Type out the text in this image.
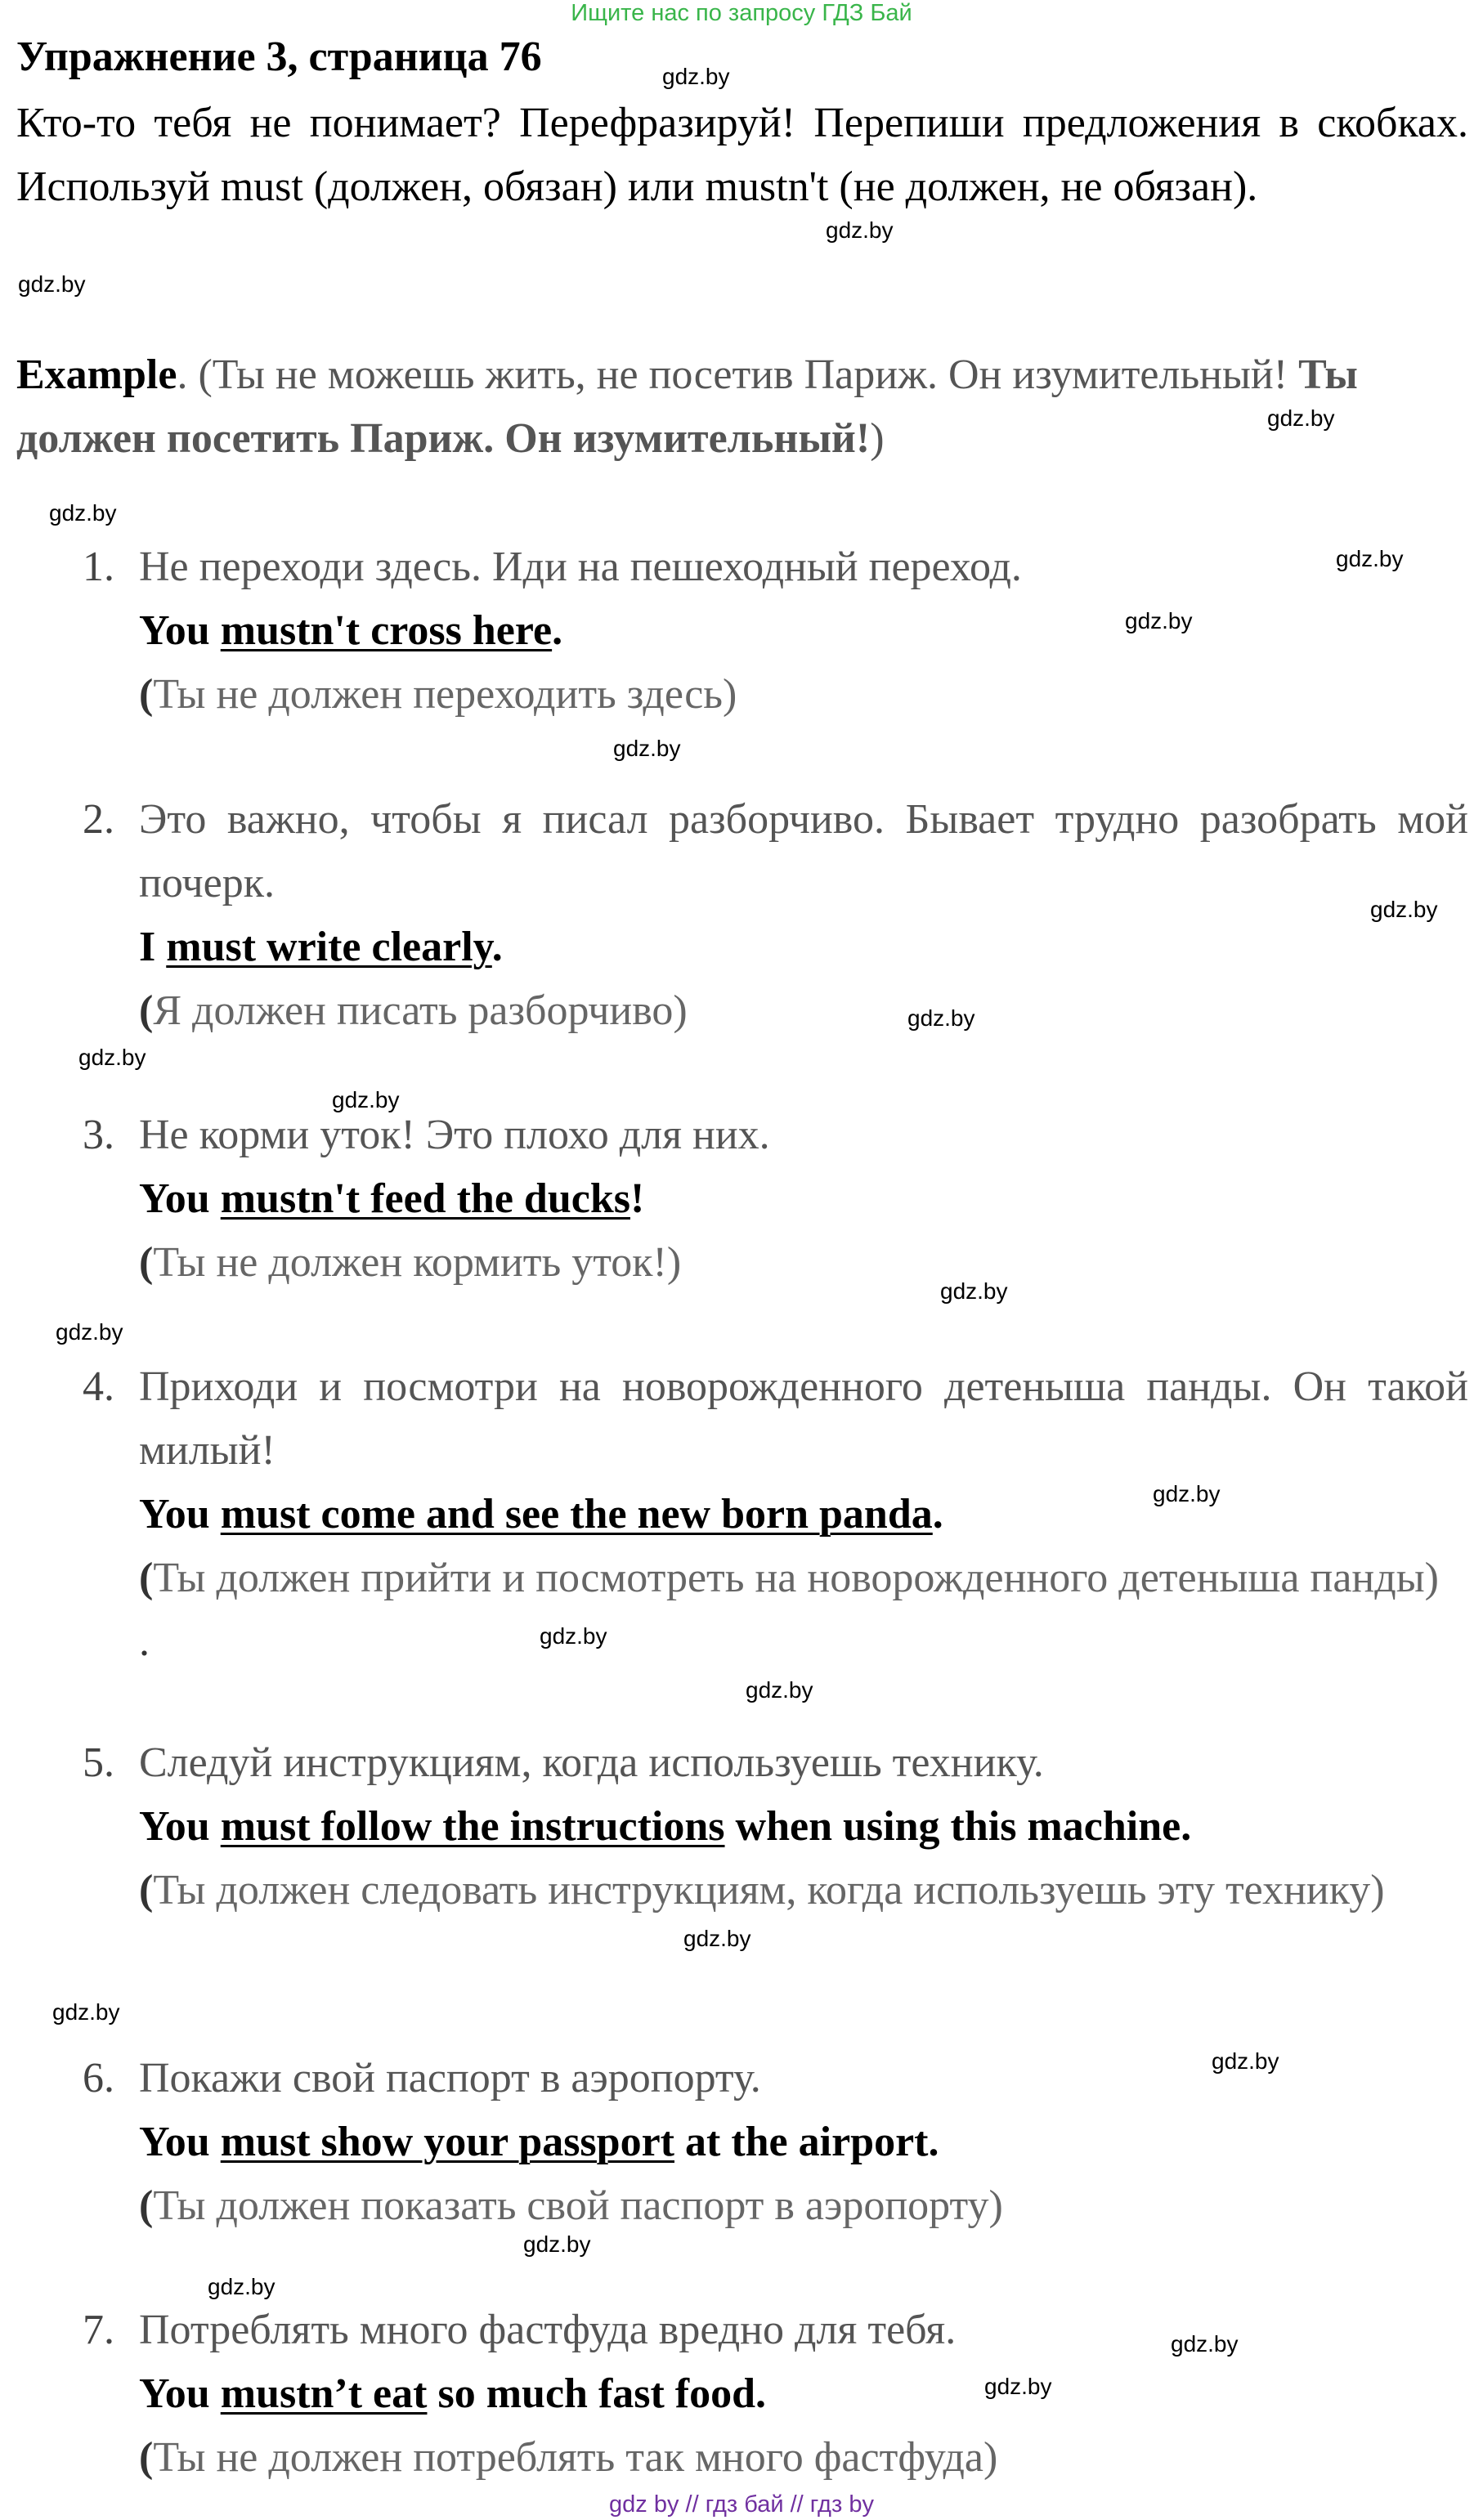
Ищите нас по запросу ГДЗ Бай
Упражнение 3, страница 76
Кто-то тебя не понимает? Перефразируй! Перепиши предложения в скобках. Используй must (должен, обязан) или mustn't (не должен, не обязан).
Example. (Ты не можешь жить, не посетив Париж. Он изумительный! Ты должен посетить Париж. Он изумительный!)
1. Не переходи здесь. Иди на пешеходный переход.
You mustn't cross here.
(Ты не должен переходить здесь)
2. Это важно, чтобы я писал разборчиво. Бывает трудно разобрать мой почерк.
I must write clearly.
(Я должен писать разборчиво)
3. Не корми уток! Это плохо для них.
You mustn't feed the ducks!
(Ты не должен кормить уток!)
4. Приходи и посмотри на новорожденного детеныша панды. Он такой милый!
You must come and see the new born panda.
(Ты должен прийти и посмотреть на новорожденного детеныша панды)
.
5. Следуй инструкциям, когда используешь технику.
You must follow the instructions when using this machine.
(Ты должен следовать инструкциям, когда используешь эту технику)
6. Покажи свой паспорт в аэропорту.
You must show your passport at the airport.
(Ты должен показать свой паспорт в аэропорту)
7. Потреблять много фастфуда вредно для тебя.
You mustn’t eat so much fast food.
(Ты не должен потреблять так много фастфуда)
gdz.by
gdz.by
gdz.by
gdz.by
gdz.by
gdz.by
gdz.by
gdz.by
gdz.by
gdz.by
gdz.by
gdz.by
gdz.by
gdz.by
gdz.by
gdz.by
gdz.by
gdz.by
gdz.by
gdz.by
gdz.by
gdz.by
gdz.by
gdz.by
gdz by // гдз бай // гдз by
